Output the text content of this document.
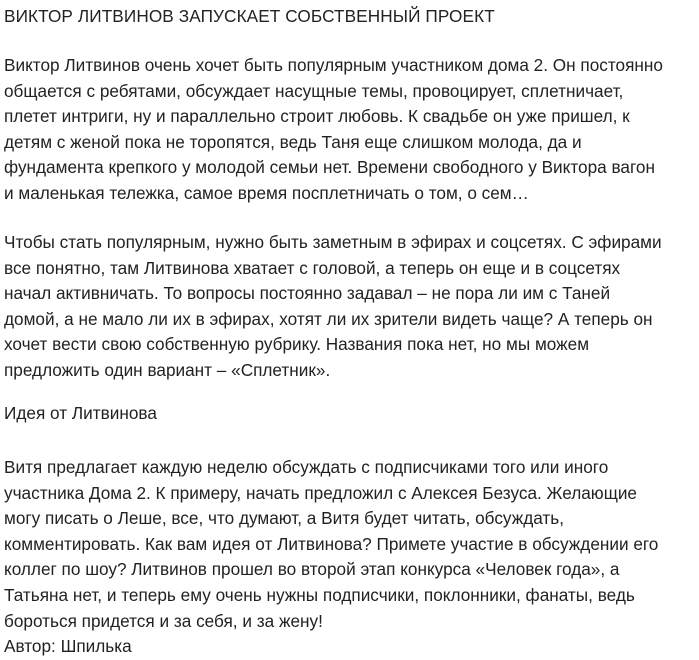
ВИКТОР ЛИТВИНОВ ЗАПУСКАЕТ СОБСТВЕННЫЙ ПРОЕКТ

Виктор Литвинов очень хочет быть популярным участником дома 2. Он постоянно
общается с ребятами, обсуждает насущные темы, провоцирует, сплетничает,
плетет интриги, ну и параллельно строит любовь. К свадьбе он уже пришел, к
детям с женой пока не торопятся, ведь Таня еще слишком молода, да и
фундамента крепкого у молодой семьи нет. Времени свободного у Виктора вагон
и маленькая тележка, самое время посплетничать о том, о сем…

Чтобы стать популярным, нужно быть заметным в эфирах и соцсетях. С эфирами
все понятно, там Литвинова хватает с головой, а теперь он еще и в соцсетях
начал активничать. То вопросы постоянно задавал – не пора ли им с Таней
домой, а не мало ли их в эфирах, хотят ли их зрители видеть чаще? А теперь он
хочет вести свою собственную рубрику. Названия пока нет, но мы можем
предложить один вариант – «Сплетник».

Идея от Литвинова

Витя предлагает каждую неделю обсуждать с подписчиками того или иного
участника Дома 2. К примеру, начать предложил с Алексея Безуса. Желающие
могу писать о Леше, все, что думают, а Витя будет читать, обсуждать,
комментировать. Как вам идея от Литвинова? Примете участие в обсуждении его
коллег по шоу? Литвинов прошел во второй этап конкурса «Человек года», а
Татьяна нет, и теперь ему очень нужны подписчики, поклонники, фанаты, ведь
бороться придется и за себя, и за жену!
Автор: Шпилька
